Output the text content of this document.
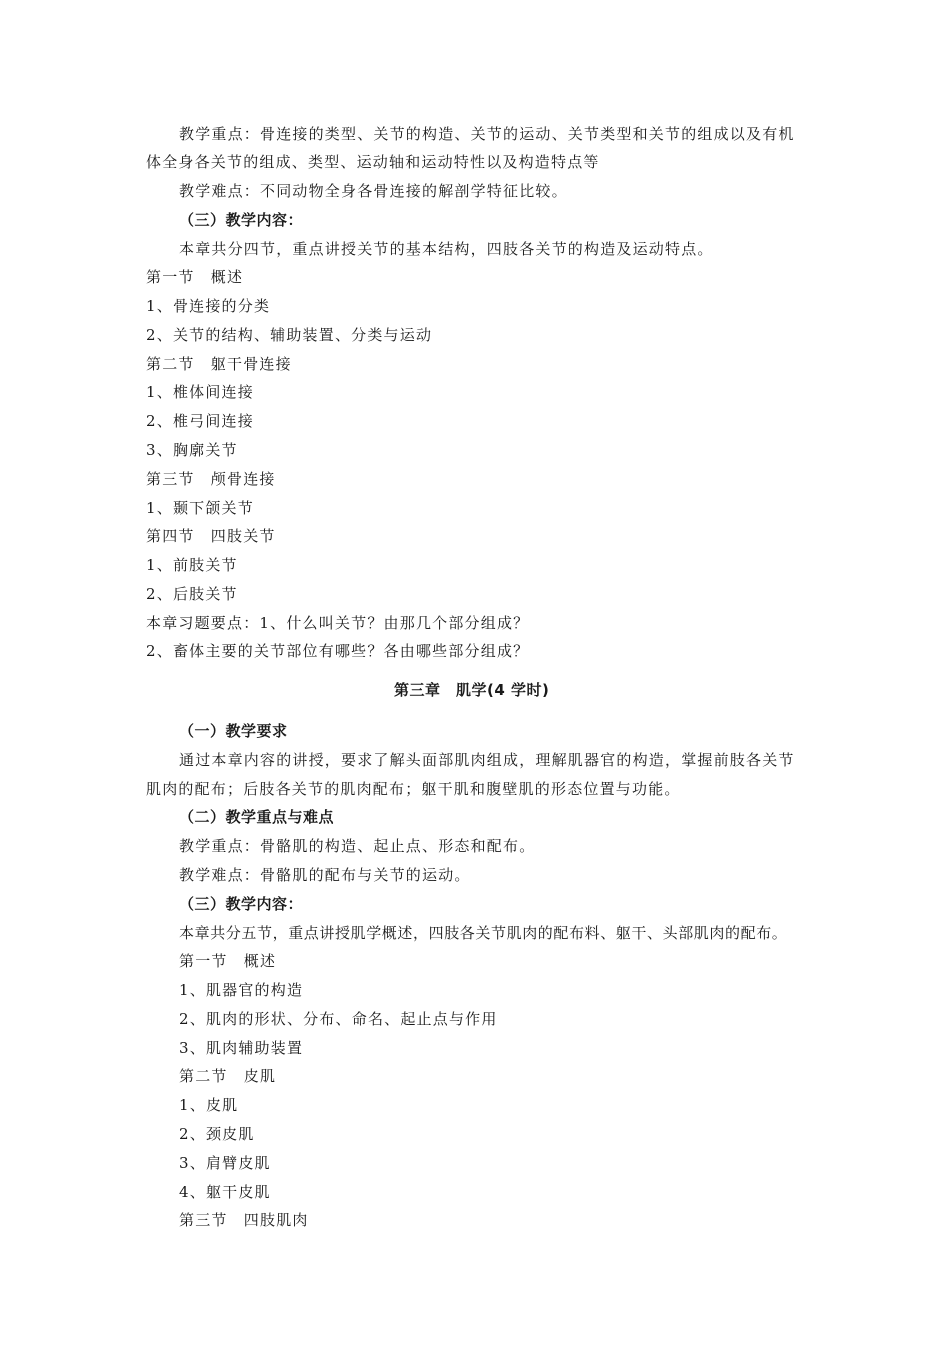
教学重点：骨连接的类型、关节的构造、关节的运动、关节类型和关节的组成以及有机
体全身各关节的组成、类型、运动轴和运动特性以及构造特点等
教学难点：不同动物全身各骨连接的解剖学特征比较。
（三）教学内容：
本章共分四节，重点讲授关节的基本结构，四肢各关节的构造及运动特点。
第一节　概述
1、骨连接的分类
2、关节的结构、辅助装置、分类与运动
第二节　躯干骨连接
1、椎体间连接
2、椎弓间连接
3、胸廓关节
第三节　颅骨连接
1、颞下颌关节
第四节　四肢关节
1、前肢关节
2、后肢关节
本章习题要点：1、什么叫关节？由那几个部分组成？
2、畜体主要的关节部位有哪些？各由哪些部分组成？
第三章　肌学(4 学时)
（一）教学要求
通过本章内容的讲授，要求了解头面部肌肉组成，理解肌器官的构造，掌握前肢各关节
肌肉的配布；后肢各关节的肌肉配布；躯干肌和腹壁肌的形态位置与功能。
（二）教学重点与难点
教学重点：骨骼肌的构造、起止点、形态和配布。
教学难点：骨骼肌的配布与关节的运动。
（三）教学内容：
本章共分五节，重点讲授肌学概述，四肢各关节肌肉的配布料、躯干、头部肌肉的配布。
第一节　概述
1、肌器官的构造
2、肌肉的形状、分布、命名、起止点与作用
3、肌肉辅助装置
第二节　皮肌
1、皮肌
2、颈皮肌
3、肩臂皮肌
4、躯干皮肌
第三节　四肢肌肉
